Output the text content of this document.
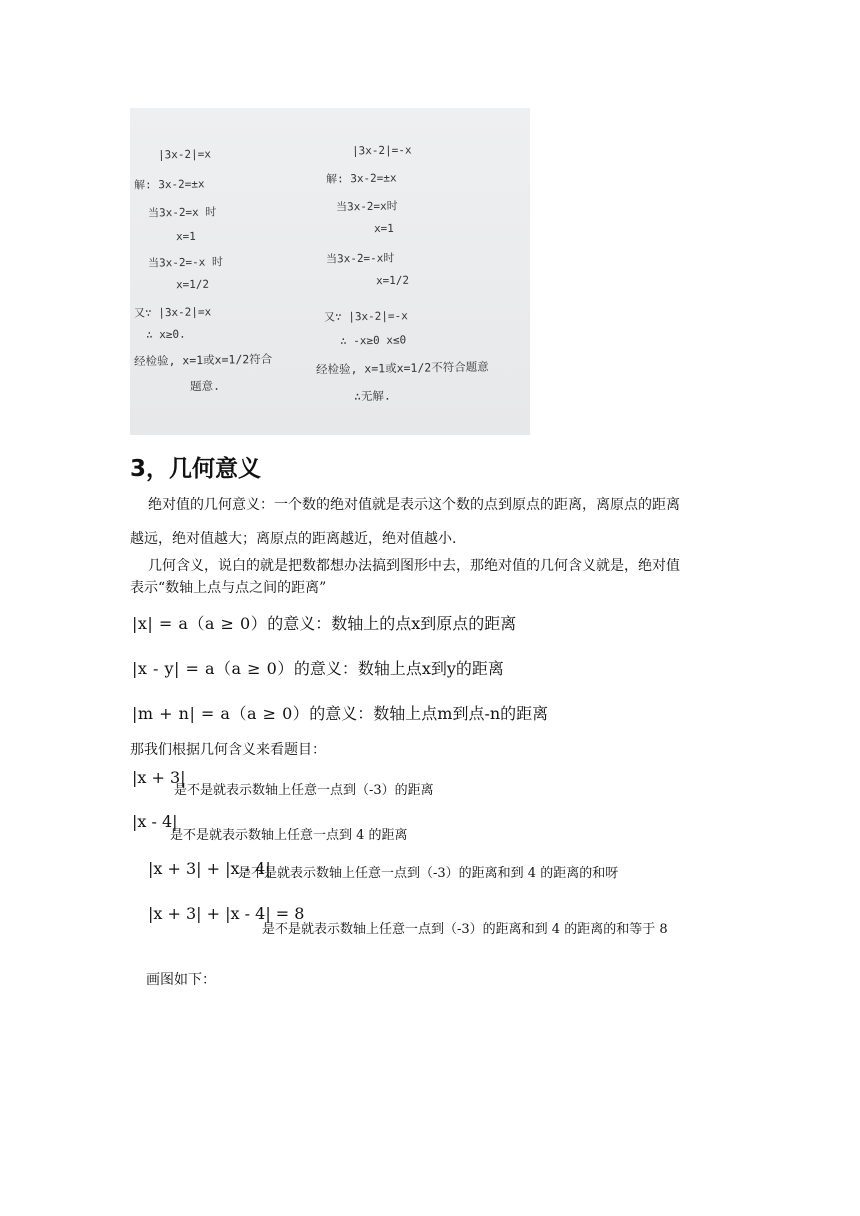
|3x-2|=x
解: 3x-2=±x
当3x-2=x 时
x=1
当3x-2=-x 时
x=1/2
又∵ |3x-2|=x
∴ x≥0.
经检验, x=1或x=1/2符合
题意.
|3x-2|=-x
解: 3x-2=±x
当3x-2=x时
x=1
当3x-2=-x时
x=1/2
又∵ |3x-2|=-x
∴ -x≥0 x≤0
经检验, x=1或x=1/2不符合题意
∴无解.
3，几何意义
绝对值的几何意义：一个数的绝对值就是表示这个数的点到原点的距离，离原点的距离
越远，绝对值越大；离原点的距离越近，绝对值越小.
几何含义，说白的就是把数都想办法搞到图形中去，那绝对值的几何含义就是，绝对值
表示“数轴上点与点之间的距离”
|x| = a（a ≥ 0）的意义：数轴上的点x到原点的距离
|x - y| = a（a ≥ 0）的意义：数轴上点x到y的距离
|m + n| = a（a ≥ 0）的意义：数轴上点m到点-n的距离
那我们根据几何含义来看题目：
|x + 3|
是不是就表示数轴上任意一点到（-3）的距离
|x - 4|
是不是就表示数轴上任意一点到 4 的距离
|x + 3| + |x - 4|
是不是就表示数轴上任意一点到（-3）的距离和到 4 的距离的和呀
|x + 3| + |x - 4| = 8
是不是就表示数轴上任意一点到（-3）的距离和到 4 的距离的和等于 8
画图如下：
